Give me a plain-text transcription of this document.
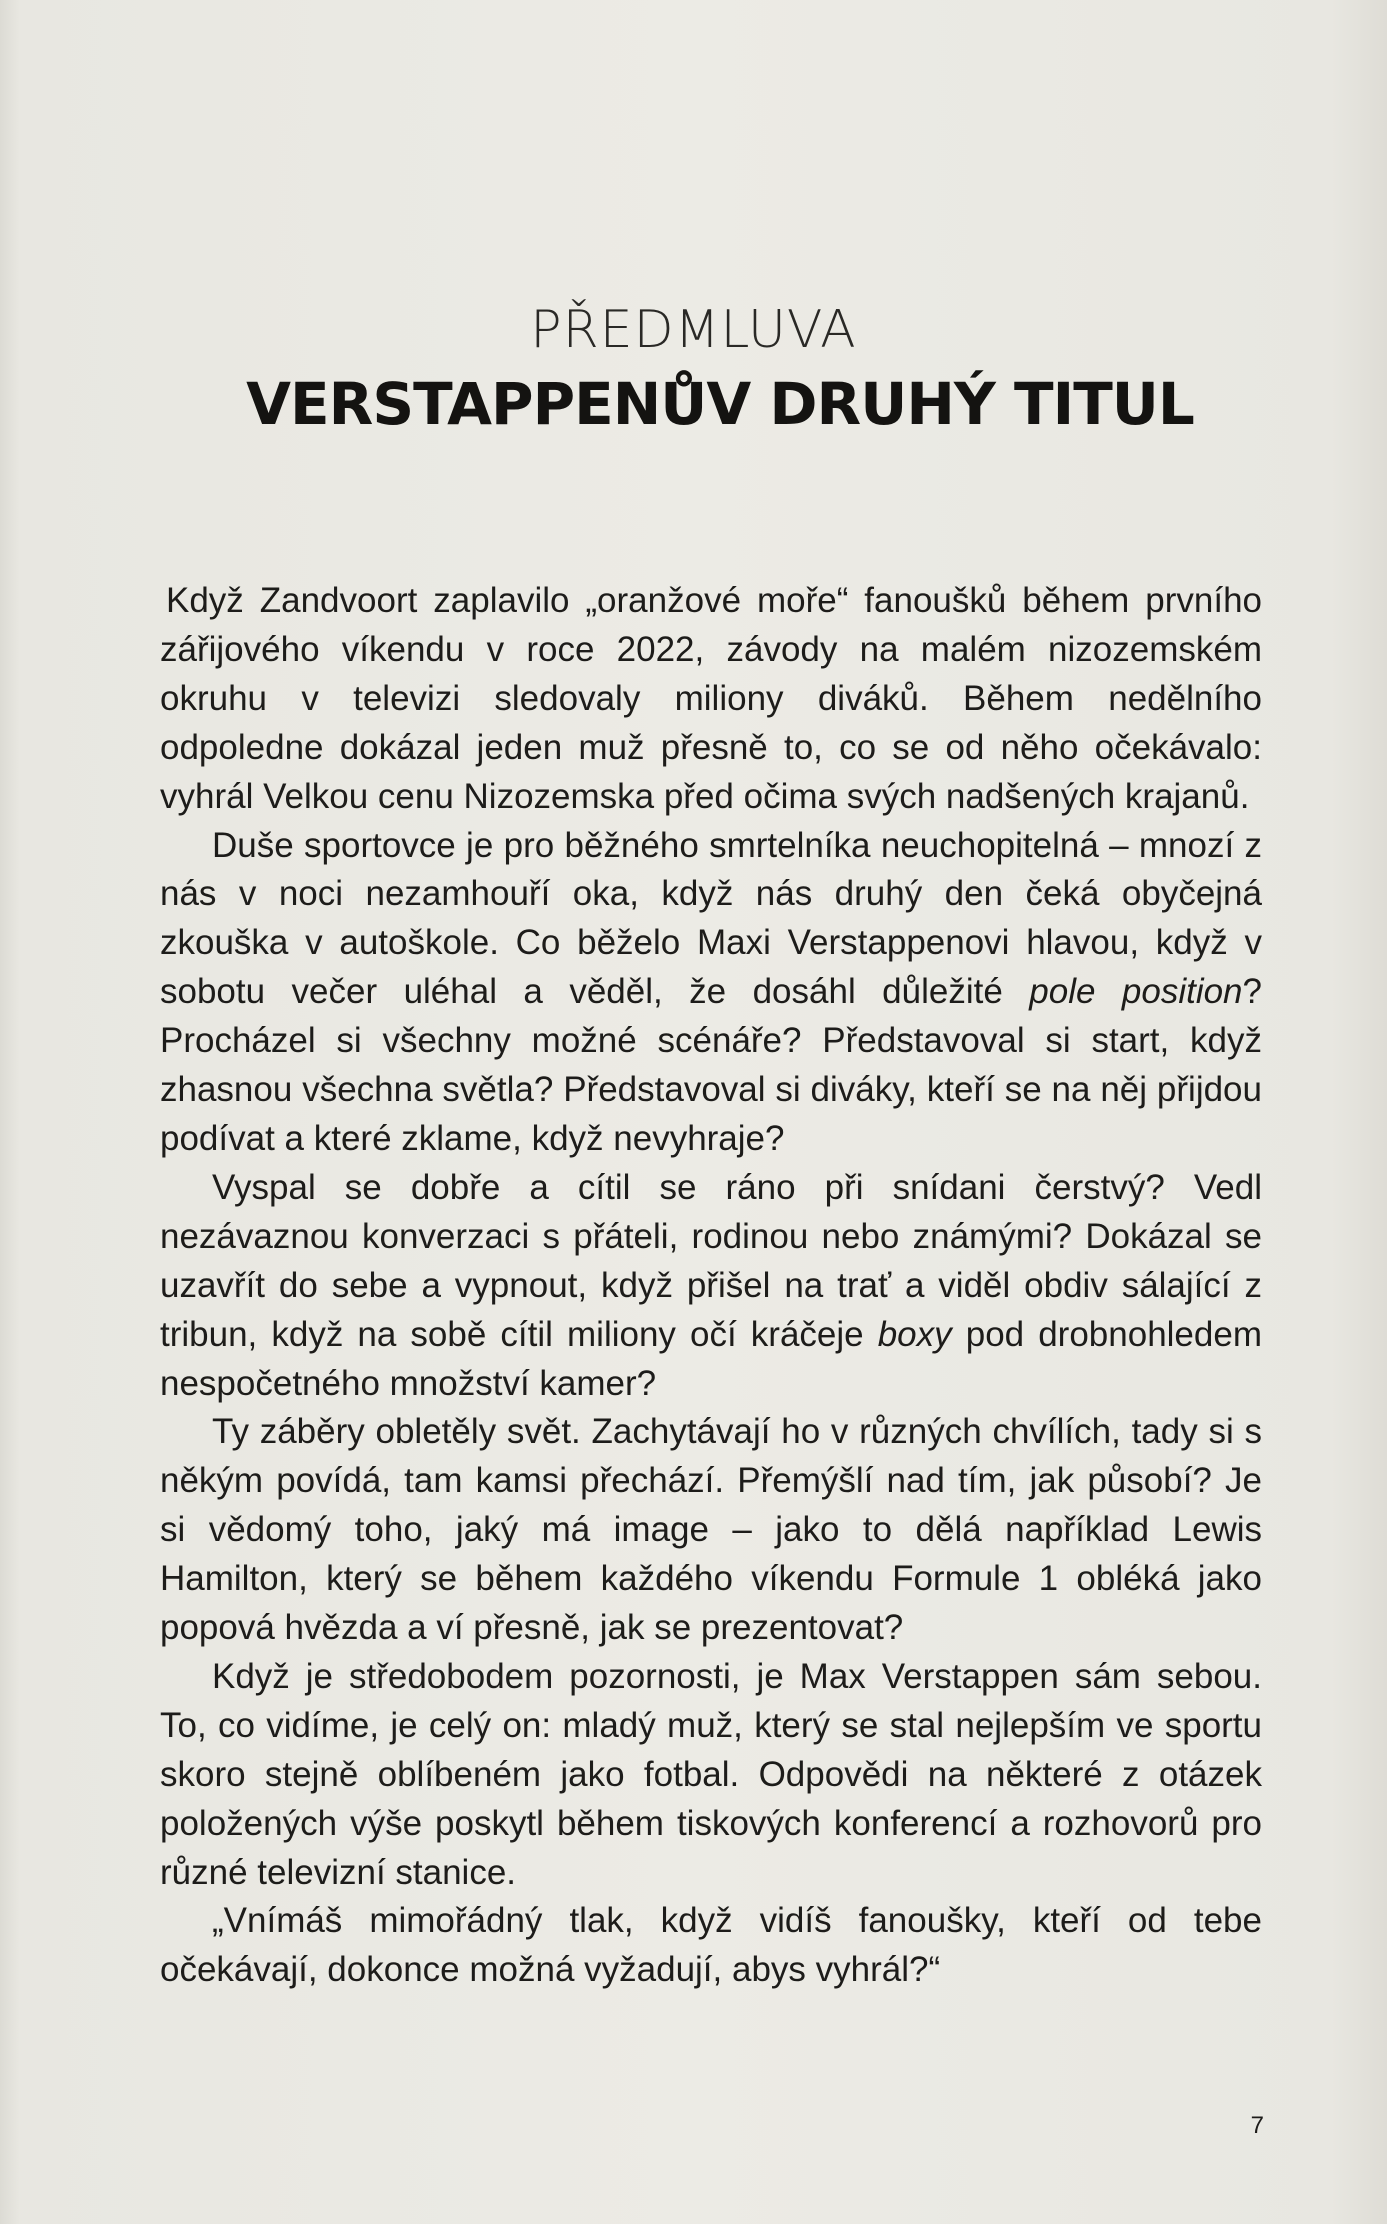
PŘEDMLUVA
VERSTAPPENŮV DRUHÝ TITUL

Když Zandvoort zaplavilo „oranžové moře“ fanoušků během prvního zářijového víkendu v roce 2022, závody na malém nizozemském okruhu v televizi sledovaly miliony diváků. Během nedělního odpoledne dokázal jeden muž přesně to, co se od něho očekávalo: vyhrál Velkou cenu Nizozemska před očima svých nadšených krajanů.

Duše sportovce je pro běžného smrtelníka neuchopitelná – mnozí z nás v noci nezamhouří oka, když nás druhý den čeká obyčejná zkouška v autoškole. Co běželo Maxi Verstappenovi hlavou, když v sobotu večer uléhal a věděl, že dosáhl důležité pole position? Procházel si všechny možné scénáře? Představoval si start, když zhasnou všechna světla? Představoval si diváky, kteří se na něj přijdou podívat a které zklame, když nevyhraje?

Vyspal se dobře a cítil se ráno při snídani čerstvý? Vedl nezávaznou konverzaci s přáteli, rodinou nebo známými? Dokázal se uzavřít do sebe a vypnout, když přišel na trať a viděl obdiv sálající z tribun, když na sobě cítil miliony očí kráčeje boxy pod drobnohledem nespočetného množství kamer?

Ty záběry obletěly svět. Zachytávají ho v různých chvílích, tady si s někým povídá, tam kamsi přechází. Přemýšlí nad tím, jak působí? Je si vědomý toho, jaký má image – jako to dělá například Lewis Hamilton, který se během každého víkendu Formule 1 obléká jako popová hvězda a ví přesně, jak se prezentovat?

Když je středobodem pozornosti, je Max Verstappen sám sebou. To, co vidíme, je celý on: mladý muž, který se stal nejlepším ve sportu skoro stejně oblíbeném jako fotbal. Odpovědi na některé z otázek položených výše poskytl během tiskových konferencí a rozhovorů pro různé televizní stanice.

„Vnímáš mimořádný tlak, když vidíš fanoušky, kteří od tebe očekávají, dokonce možná vyžadují, abys vyhrál?“

7
